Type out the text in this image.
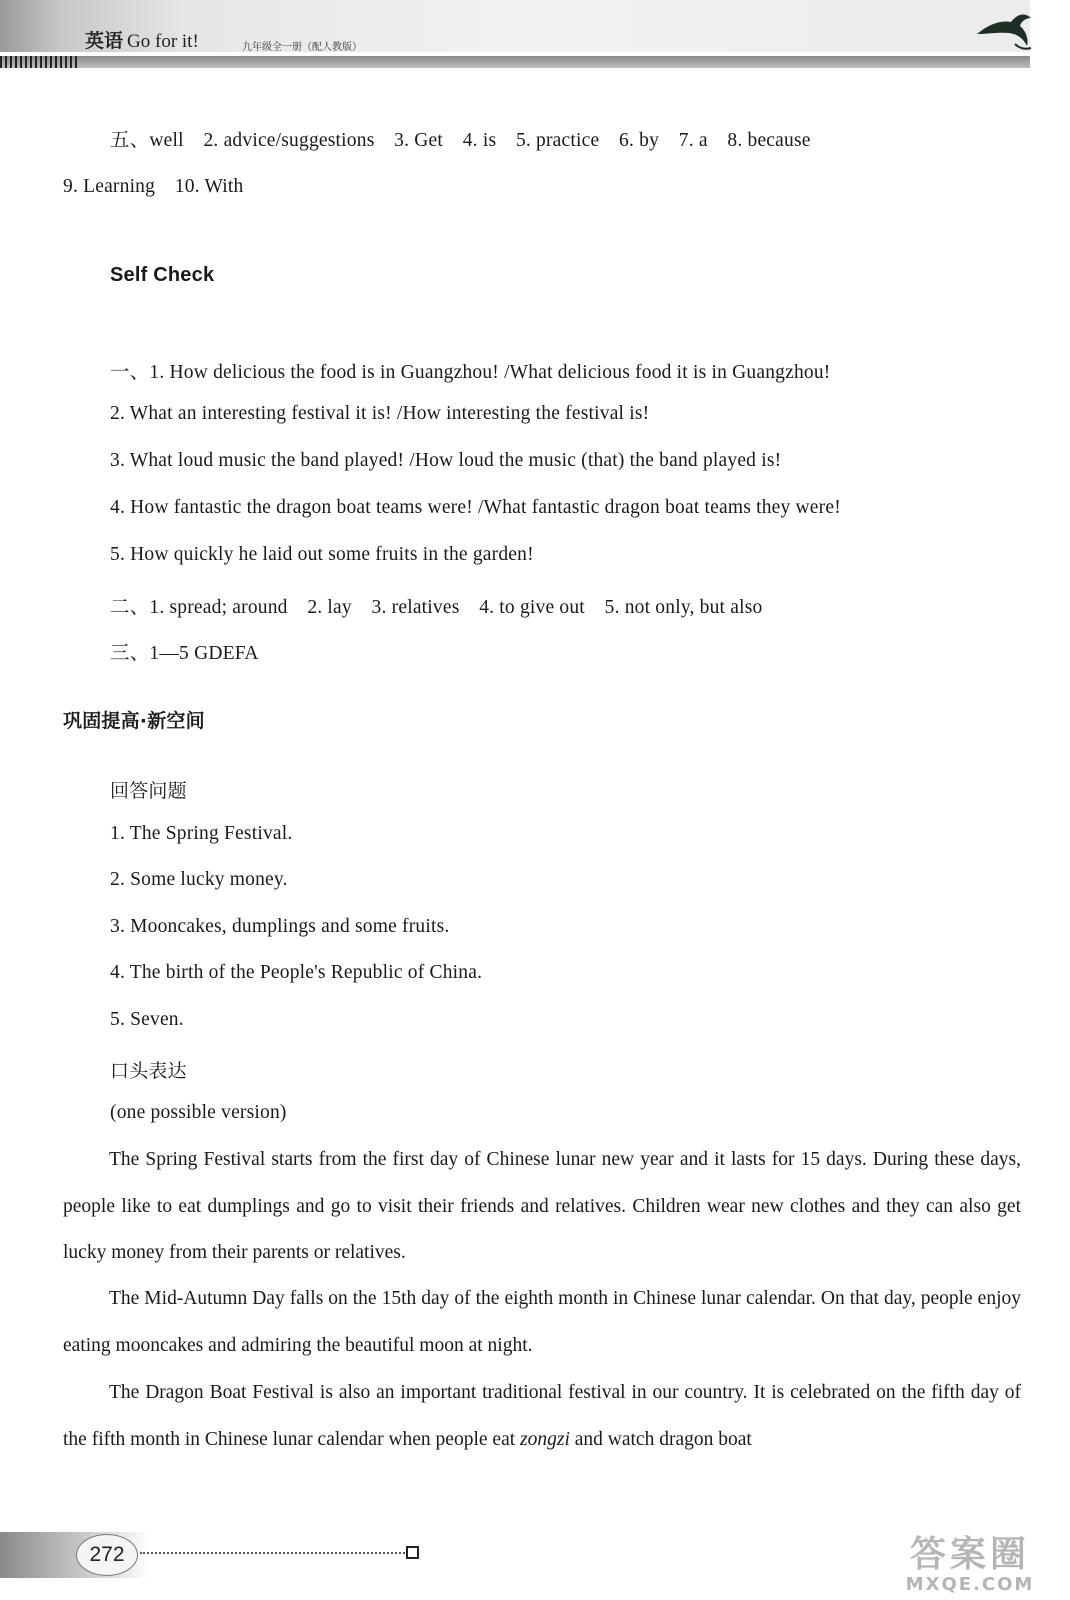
英语 Go for it!	九年级全一册（配人教版）
五、well　2. advice/suggestions　3. Get　4. is　5. practice　6. by　7. a　8. because
9. Learning　10. With
Self Check
一、1. How delicious the food is in Guangzhou! /What delicious food it is in Guangzhou!
2. What an interesting festival it is! /How interesting the festival is!
3. What loud music the band played! /How loud the music (that) the band played is!
4. How fantastic the dragon boat teams were! /What fantastic dragon boat teams they were!
5. How quickly he laid out some fruits in the garden!
二、1. spread; around　2. lay　3. relatives　4. to give out　5. not only, but also
三、1—5 GDEFA
巩固提高·新空间
回答问题
1. The Spring Festival.
2. Some lucky money.
3. Mooncakes, dumplings and some fruits.
4. The birth of the People's Republic of China.
5. Seven.
口头表达
(one possible version)
The Spring Festival starts from the first day of Chinese lunar new year and it lasts for 15 days. During these days, people like to eat dumplings and go to visit their friends and relatives. Children wear new clothes and they can also get lucky money from their parents or relatives.
The Mid-Autumn Day falls on the 15th day of the eighth month in Chinese lunar calendar. On that day, people enjoy eating mooncakes and admiring the beautiful moon at night.
The Dragon Boat Festival is also an important traditional festival in our country. It is celebrated on the fifth day of the fifth month in Chinese lunar calendar when people eat zongzi and watch dragon boat
272	答案圈
MXQE.COM
